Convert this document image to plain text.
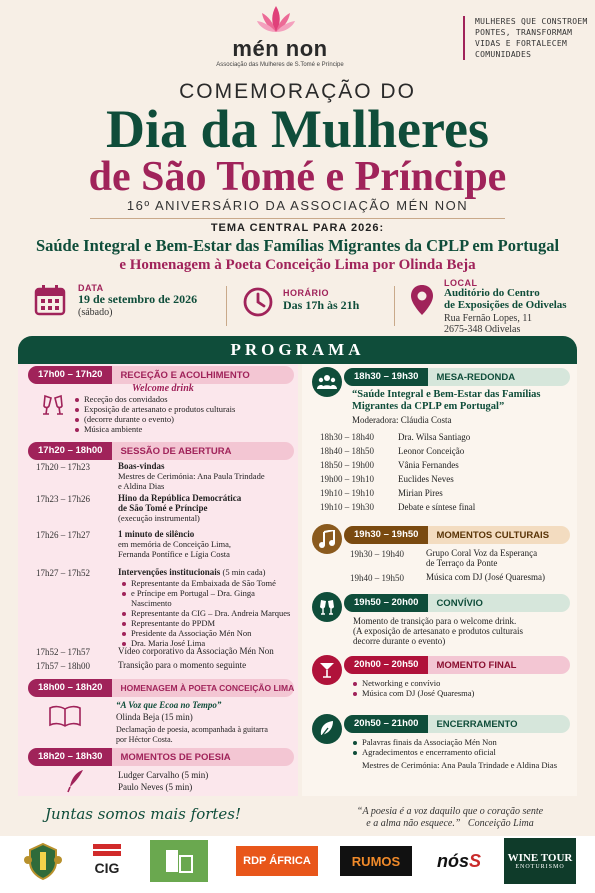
mén non
Associação das Mulheres de S.Tomé e Príncipe
MULHERES QUE CONSTROEM PONTES, TRANSFORMAM VIDAS E FORTALECEM COMUNIDADES
COMEMORAÇÃO DO
Dia da Mulheres
de São Tomé e Príncipe
16º ANIVERSÁRIO DA ASSOCIAÇÃO MÉN NON
TEMA CENTRAL PARA 2026:
Saúde Integral e Bem-Estar das Famílias Migrantes da CPLP em Portugal
e Homenagem à Poeta Conceição Lima por Olinda Beja
DATA
19 de setembro de 2026
(sábado)
HORÁRIO
Das 17h às 21h
LOCAL
Auditório do Centro
de Exposições de Odivelas
Rua Fernão Lopes, 11
2675-348 Odivelas
PROGRAMA
17h00 – 17h20	RECEÇÃO E ACOLHIMENTO
Welcome drink
Receção dos convidados
Exposição de artesanato e produtos culturais
(decorre durante o evento)
Música ambiente
17h20 – 18h00	SESSÃO DE ABERTURA
17h20 – 17h23	Boas-vindas
Mestres de Cerimónia: Ana Paula Trindade
e Aldina Dias
17h23 – 17h26	Hino da República Democrática
de São Tomé e Príncipe
(execução instrumental)
17h26 – 17h27	1 minuto de silêncio
em memória de Conceição Lima,
Fernanda Pontífice e Lígia Costa
17h27 – 17h52	Intervenções institucionais (5 min cada)
Representante da Embaixada de São Tomé
e Príncipe em Portugal – Dra. Ginga Nascimento
Representante da CIG – Dra. Andreia Marques
Representante do PPDM
Presidente da Associação Mén Non
Dra. Maria José Lima
17h52 – 17h57	Vídeo corporativo da Associação Mén Non
17h57 – 18h00	Transição para o momento seguinte
18h00 – 18h20	HOMENAGEM À POETA CONCEIÇÃO LIMA
“A Voz que Ecoa no Tempo”
Olinda Beja (15 min)
Declamação de poesia, acompanhada à guitarra
por Héctor Costa.
18h20 – 18h30	MOMENTOS DE POESIA
Ludger Carvalho (5 min)
Paulo Neves (5 min)
18h30 – 19h30	MESA-REDONDA
“Saúde Integral e Bem-Estar das Famílias
Migrantes da CPLP em Portugal”
Moderadora: Cláudia Costa
18h30 – 18h40	Dra. Wilsa Santiago
18h40 – 18h50	Leonor Conceição
18h50 – 19h00	Vânia Fernandes
19h00 – 19h10	Euclides Neves
19h10 – 19h10	Mirian Pires
19h10 – 19h30	Debate e síntese final
19h30 – 19h50	MOMENTOS CULTURAIS
19h30 – 19h40 Grupo Coral Voz da Esperança
de Terraço da Ponte
19h40 – 19h50 Música com DJ (José Quaresma)
19h50 – 20h00	CONVÍVIO
Momento de transição para o welcome drink.
(A exposição de artesanato e produtos culturais
decorre durante o evento)
20h00 – 20h50	MOMENTO FINAL
Networking e convívio
Música com DJ (José Quaresma)
20h50 – 21h00	ENCERRAMENTO
Palavras finais da Associação Mén Non
Agradecimentos e encerramento oficial
Mestres de Cerimónia: Ana Paula Trindade e Aldina Dias
Juntas somos mais fortes!	“A poesia é a voz daquilo que o coração sente
e a alma não esquece.” Conceição Lima
CIG	RDP ÁFRICA	RUMOS nós S WINE TOUR
ENOTURISMO
